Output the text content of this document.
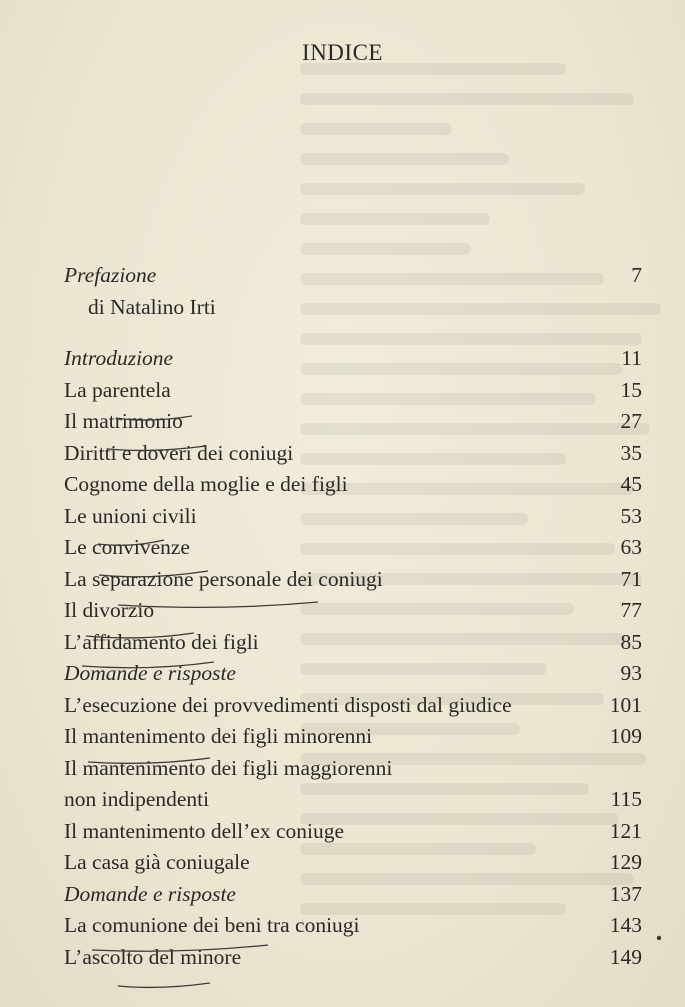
INDICE
Prefazione	7
di Natalino Irti
Introduzione	11
La parentela	15
Il matrimonio	27
Diritti e doveri dei coniugi	35
Cognome della moglie e dei figli	45
Le unioni civili	53
Le convivenze	63
La separazione personale dei coniugi	71
Il divorzio	77
L’affidamento dei figli	85
Domande e risposte	93
L’esecuzione dei provvedimenti disposti dal giudice	101
Il mantenimento dei figli minorenni	109
Il mantenimento dei figli maggiorenni
non indipendenti	115
Il mantenimento dell’ex coniuge	121
La casa già coniugale	129
Domande e risposte	137
La comunione dei beni tra coniugi	143
L’ascolto del minore	149
